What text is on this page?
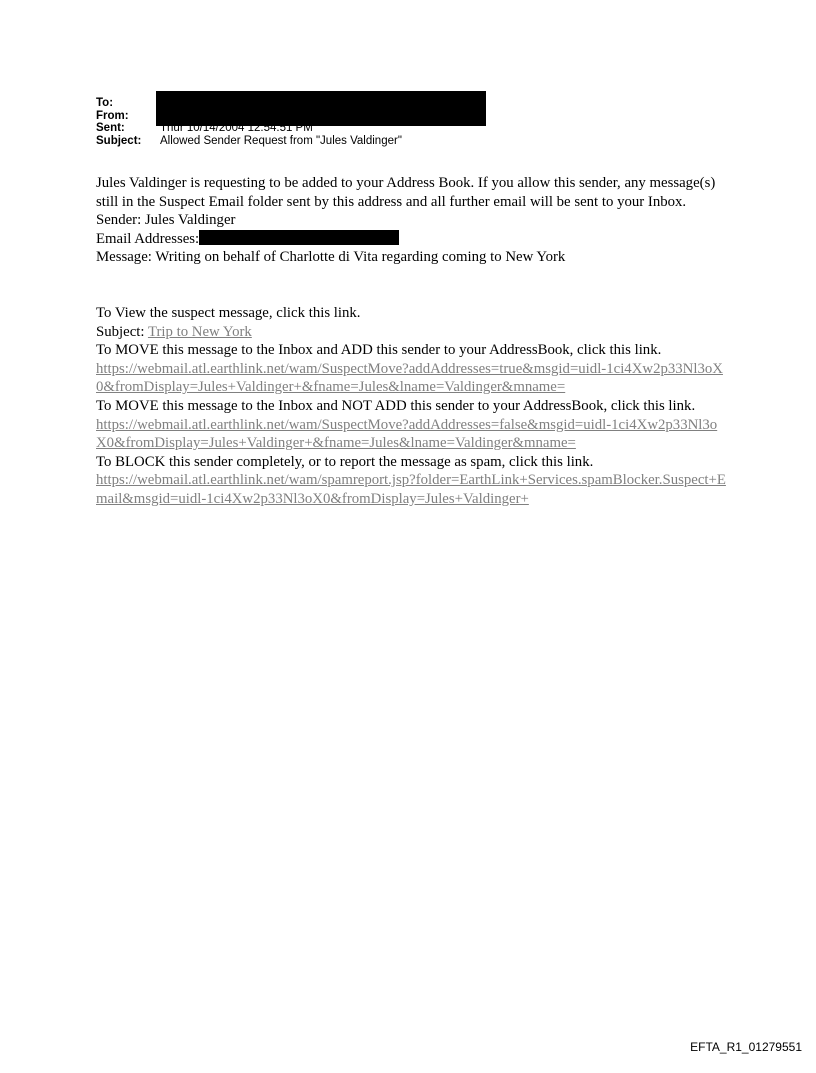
To:
From:
Sent:	Thur 10/14/2004 12:54:51 PM
Subject:	Allowed Sender Request from "Jules Valdinger"

Jules Valdinger is requesting to be added to your Address Book. If you allow this sender, any message(s) still in the Suspect Email folder sent by this address and all further email will be sent to your Inbox.

Sender: Jules Valdinger

Email Addresses:

Message: Writing on behalf of Charlotte di Vita regarding coming to New York

To View the suspect message, click this link.

Subject: Trip to New York

To MOVE this message to the Inbox and ADD this sender to your AddressBook, click this link.

https://webmail.atl.earthlink.net/wam/SuspectMove?addAddresses=true&msgid=uidl-1ci4Xw2p33Nl3oX0&fromDisplay=Jules+Valdinger+&fname=Jules&lname=Valdinger&mname=

To MOVE this message to the Inbox and NOT ADD this sender to your AddressBook, click this link.

https://webmail.atl.earthlink.net/wam/SuspectMove?addAddresses=false&msgid=uidl-1ci4Xw2p33Nl3oX0&fromDisplay=Jules+Valdinger+&fname=Jules&lname=Valdinger&mname=

To BLOCK this sender completely, or to report the message as spam, click this link.

https://webmail.atl.earthlink.net/wam/spamreport.jsp?folder=EarthLink+Services.spamBlocker.Suspect+Email&msgid=uidl-1ci4Xw2p33Nl3oX0&fromDisplay=Jules+Valdinger+

EFTA_R1_01279551
